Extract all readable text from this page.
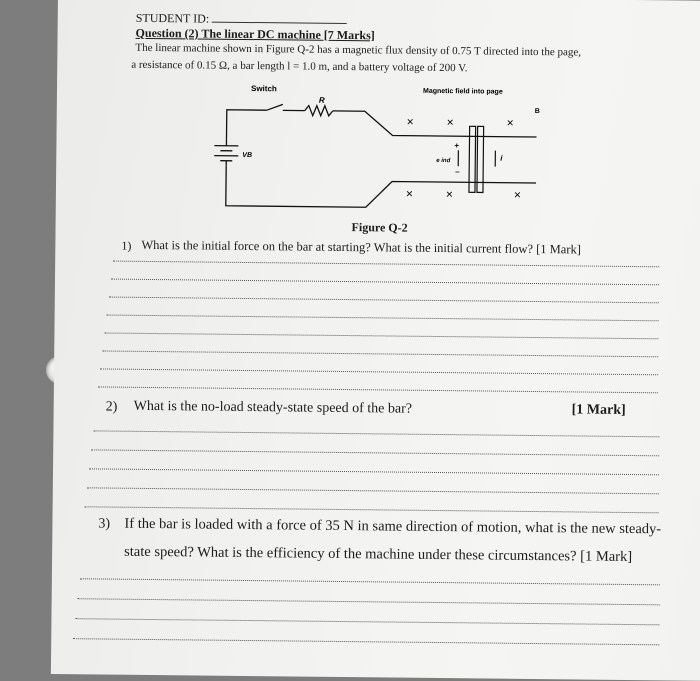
STUDENT ID:
Question (2) The linear DC machine [7 Marks]
The linear machine shown in Figure Q-2 has a magnetic flux density of 0.75 T directed into the page,
a resistance of 0.15 Ω, a bar length l = 1.0 m, and a battery voltage of 200 V.
Switch	Magnetic field into page
R
B
VB
+
–
e ind	i
×	×	×
×	×	×
Figure Q-2
1) What is the initial force on the bar at starting? What is the initial current flow? [1 Mark]
2) What is the no-load steady-state speed of the bar?	[1 Mark]
3) If the bar is loaded with a force of 35 N in same direction of motion, what is the new steady-
state speed? What is the efficiency of the machine under these circumstances? [1 Mark]
